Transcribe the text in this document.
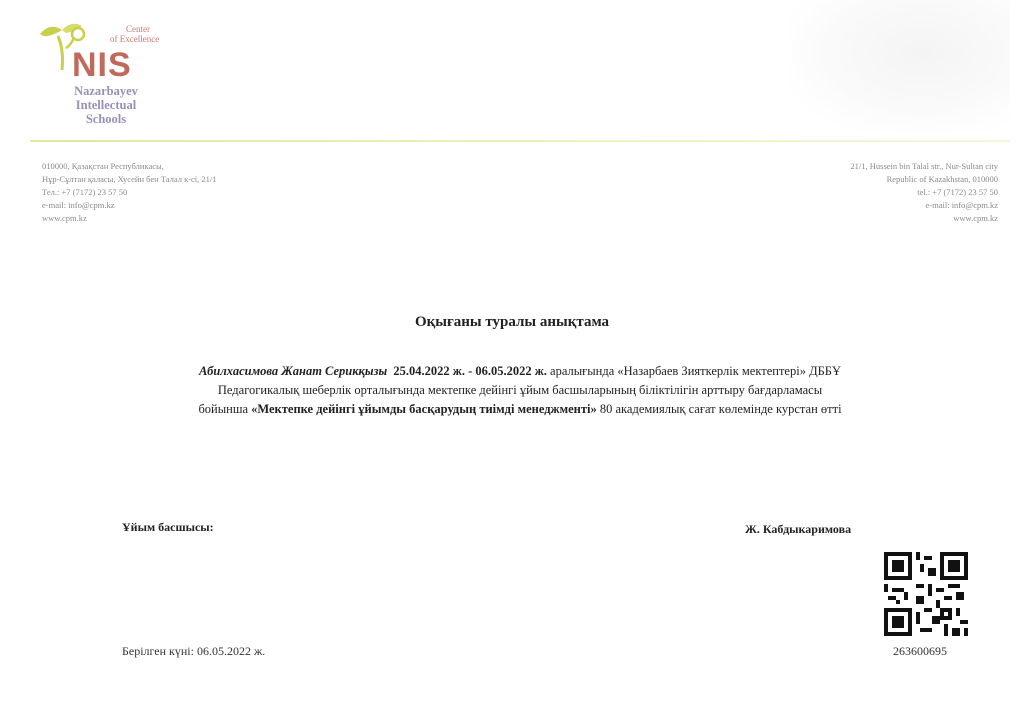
Center
of Excellence
NIS
Nazarbayev
Intellectual
Schools
010000, Қазақстан Республикасы,
Нұр-Сұлтан қаласы, Хусейн бен Талал к-сі, 21/1
Тел.: +7 (7172) 23 57 50
e-mail: info@cpm.kz
www.cpm.kz
21/1, Hussein bin Talal str., Nur-Sultan city
Republic of Kazakhstan, 010000
tel.: +7 (7172) 23 57 50
e-mail: info@cpm.kz
www.cpm.kz
Оқығаны туралы анықтама
Абилхасимова Жанат Серикқызы 25.04.2022 ж. - 06.05.2022 ж. аралығында «Назарбаев Зияткерлік мектептері» ДББҰ
Педагогикалық шеберлік орталығында мектепке дейінгі ұйым басшыларының біліктілігін арттыру бағдарламасы
бойынша «Мектепке дейінгі ұйымды басқарудың тиімді менеджменті» 80 академиялық сағат көлемінде курстан өтті
Ұйым басшысы:	Ж. Кабдыкаримова
Берілген күні: 06.05.2022 ж.	263600695
